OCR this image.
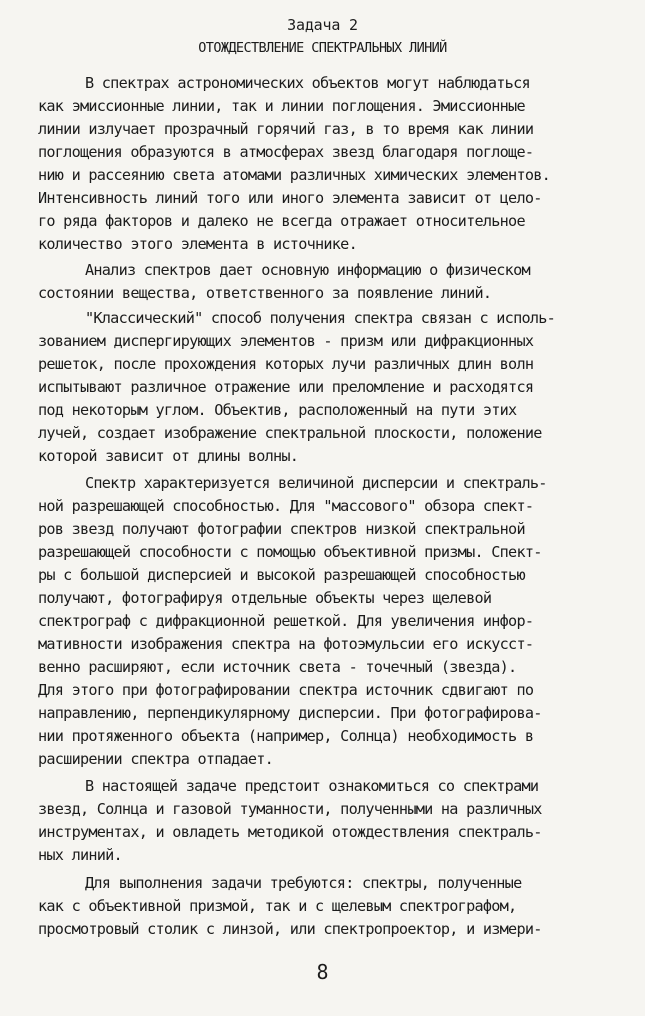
Задача 2
ОТОЖДЕСТВЛЕНИЕ СПЕКТРАЛЬНЫХ ЛИНИЙ
В спектрах астрономических объектов могут наблюдаться
как эмиссионные линии, так и линии поглощения. Эмиссионные
линии излучает прозрачный горячий газ, в то время как линии
поглощения образуются в атмосферах звезд благодаря поглоще-
нию и рассеянию света атомами различных химических элементов.
Интенсивность линий того или иного элемента зависит от цело-
го ряда факторов и далеко не всегда отражает относительное
количество этого элемента в источнике.
Анализ спектров дает основную информацию о физическом
состоянии вещества, ответственного за появление линий.
"Классический" способ получения спектра связан с исполь-
зованием диспергирующих элементов - призм или дифракционных
решеток, после прохождения которых лучи различных длин волн
испытывают различное отражение или преломление и расходятся
под некоторым углом. Объектив, расположенный на пути этих
лучей, создает изображение спектральной плоскости, положение
которой зависит от длины волны.
Спектр характеризуется величиной дисперсии и спектраль-
ной разрешающей способностью. Для "массового" обзора спект-
ров звезд получают фотографии спектров низкой спектральной
разрешающей способности с помощью объективной призмы. Спект-
ры с большой дисперсией и высокой разрешающей способностью
получают, фотографируя отдельные объекты через щелевой
спектрограф с дифракционной решеткой. Для увеличения инфор-
мативности изображения спектра на фотоэмульсии его искусст-
венно расширяют, если источник света - точечный (звезда).
Для этого при фотографировании спектра источник сдвигают по
направлению, перпендикулярному дисперсии. При фотографирова-
нии протяженного объекта (например, Солнца) необходимость в
расширении спектра отпадает.
В настоящей задаче предстоит ознакомиться со спектрами
звезд, Солнца и газовой туманности, полученными на различных
инструментах, и овладеть методикой отождествления спектраль-
ных линий.
Для выполнения задачи требуются: спектры, полученные
как с объективной призмой, так и с щелевым спектрографом,
просмотровый столик с линзой, или спектропроектор, и измери-
8
